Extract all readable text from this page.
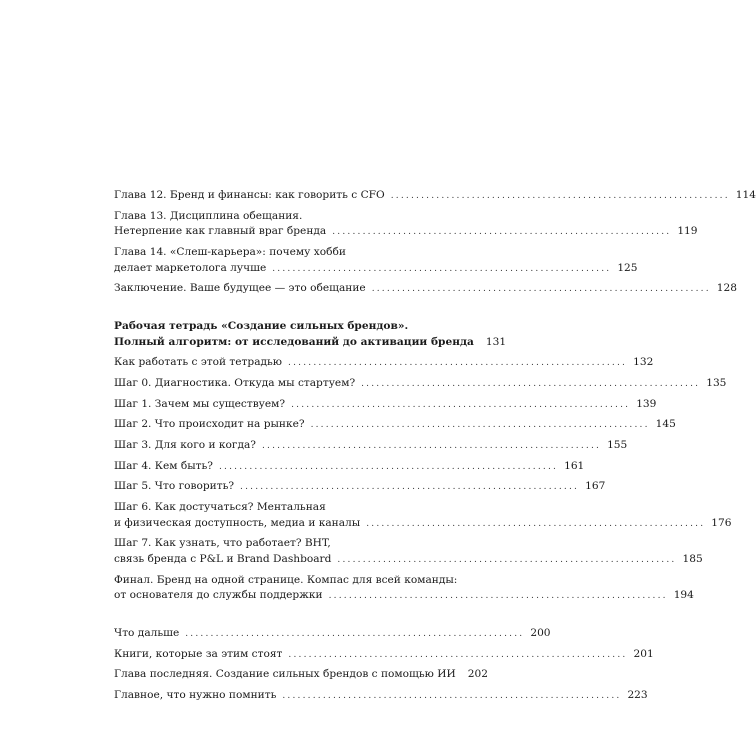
Глава 12. Бренд и финансы: как говорить с CFO ................................................................... 114
Глава 13. Дисциплина обещания.
Нетерпение как главный враг бренда ................................................................... 119
Глава 14. «Слеш-карьера»: почему хобби
делает маркетолога лучше ................................................................... 125
Заключение. Ваше будущее — это обещание ................................................................... 128
Рабочая тетрадь «Создание сильных брендов».
Полный алгоритм: от исследований до активации бренда 131
Как работать с этой тетрадью ................................................................... 132
Шаг 0. Диагностика. Откуда мы стартуем? ................................................................... 135
Шаг 1. Зачем мы существуем? ................................................................... 139
Шаг 2. Что происходит на рынке? ................................................................... 145
Шаг 3. Для кого и когда? ................................................................... 155
Шаг 4. Кем быть? ................................................................... 161
Шаг 5. Что говорить? ................................................................... 167
Шаг 6. Как достучаться? Ментальная
и физическая доступность, медиа и каналы ................................................................... 176
Шаг 7. Как узнать, что работает? BHT,
связь бренда с P&L и Brand Dashboard ................................................................... 185
Финал. Бренд на одной странице. Компас для всей команды:
от основателя до службы поддержки ................................................................... 194
Что дальше ................................................................... 200
Книги, которые за этим стоят ................................................................... 201
Глава последняя. Создание сильных брендов с помощью ИИ 202
Главное, что нужно помнить ................................................................... 223
